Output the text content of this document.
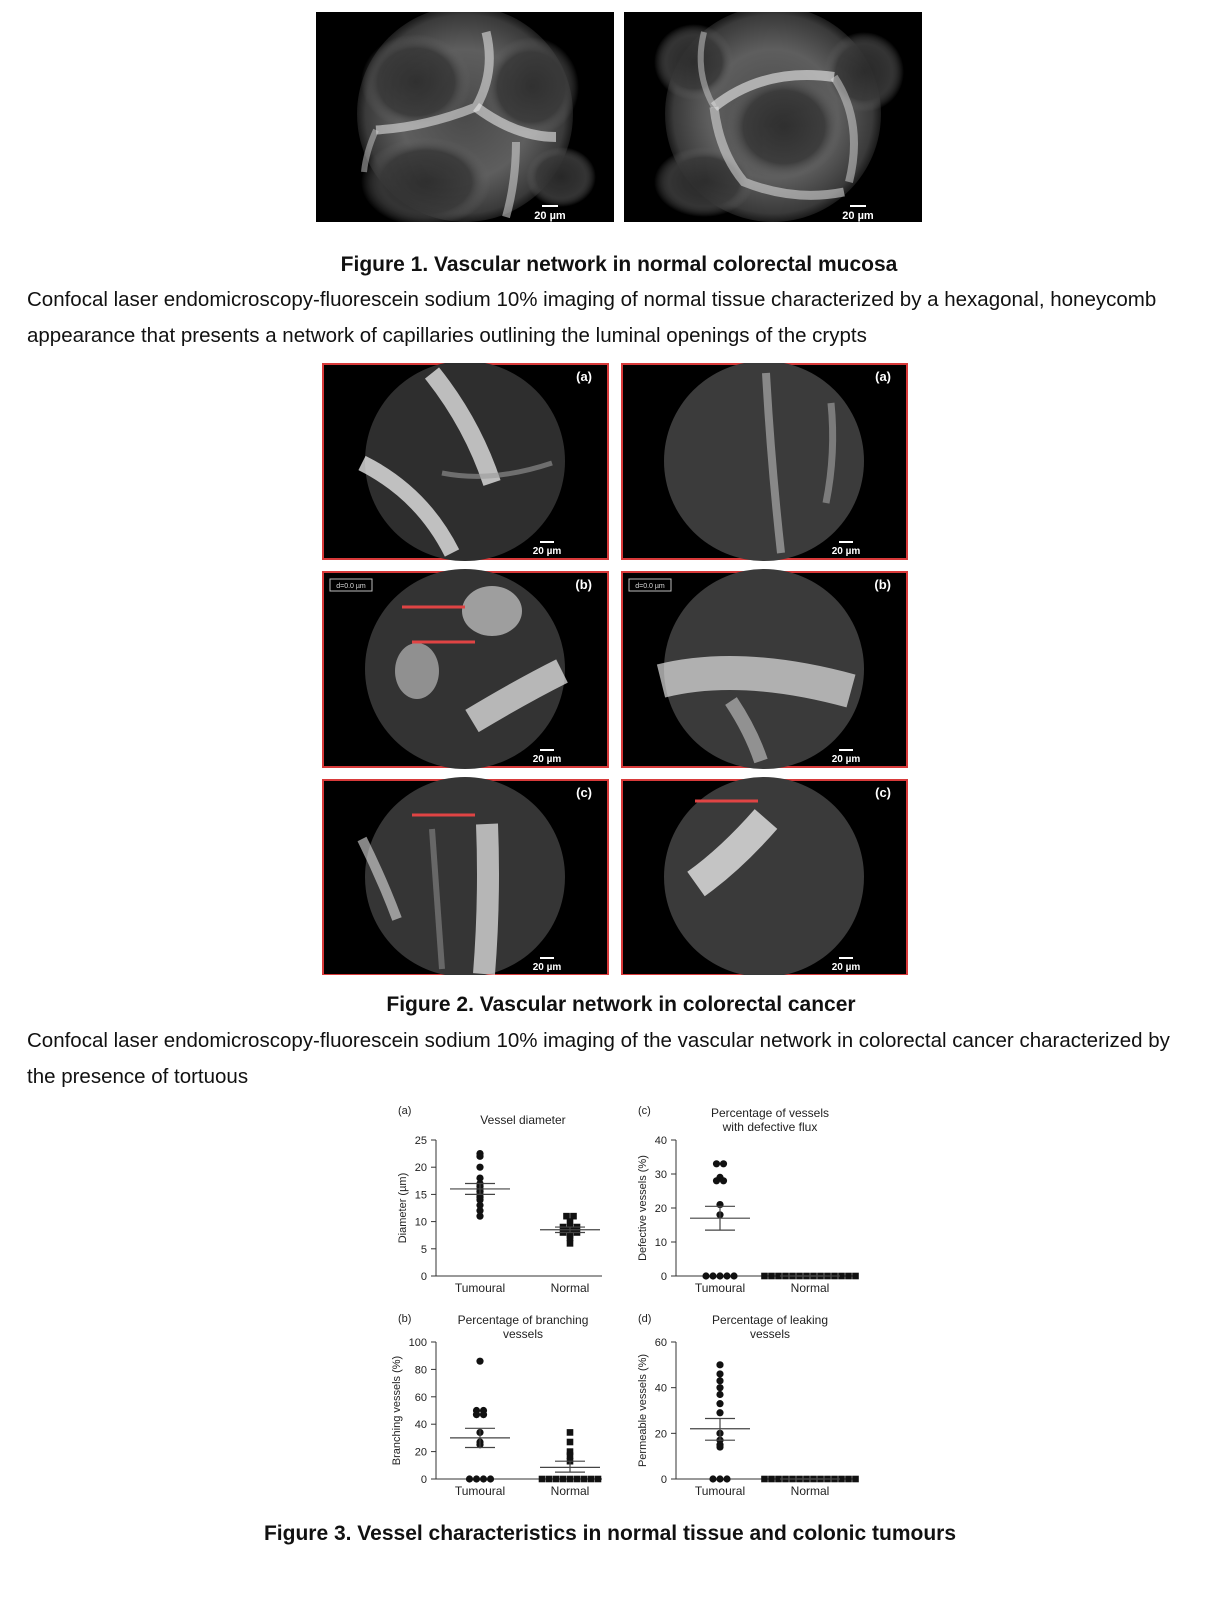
20 µm	20 µm
Figure 1. Vascular network in normal colorectal mucosa
Confocal laser endomicroscopy-fluorescein sodium 10% imaging of normal tissue characterized by a hexagonal, honeycomb appearance that presents a network of capillaries outlining the luminal openings of the crypts
(a)
20 µm
(a)
20 µm
d=0.0 µm	(b)
20 µm
d=0.0 µm	(b)
20 µm
(c)
20 µm
(c)
20 µm
Figure 2. Vascular network in colorectal cancer
Confocal laser endomicroscopy-fluorescein sodium 10% imaging of the vascular network in colorectal cancer characterized by the presence of tortuous
(a)
Vessel diameter
0
5
10
15
20
25
Diameter (µm)
Tumoural	Normal
(b)	Percentage of branching
vessels
0
20
40
60
80
100
Branching vessels (%)
Tumoural	Normal
(c)	Percentage of vessels
with defective flux
0
10
20
30
40
Defective vessels (%)
Tumoural	Normal
(d)	Percentage of leaking
vessels
0
20
40
60
Permeable vessels (%)
Tumoural	Normal
Figure 3. Vessel characteristics in normal tissue and colonic tumours
